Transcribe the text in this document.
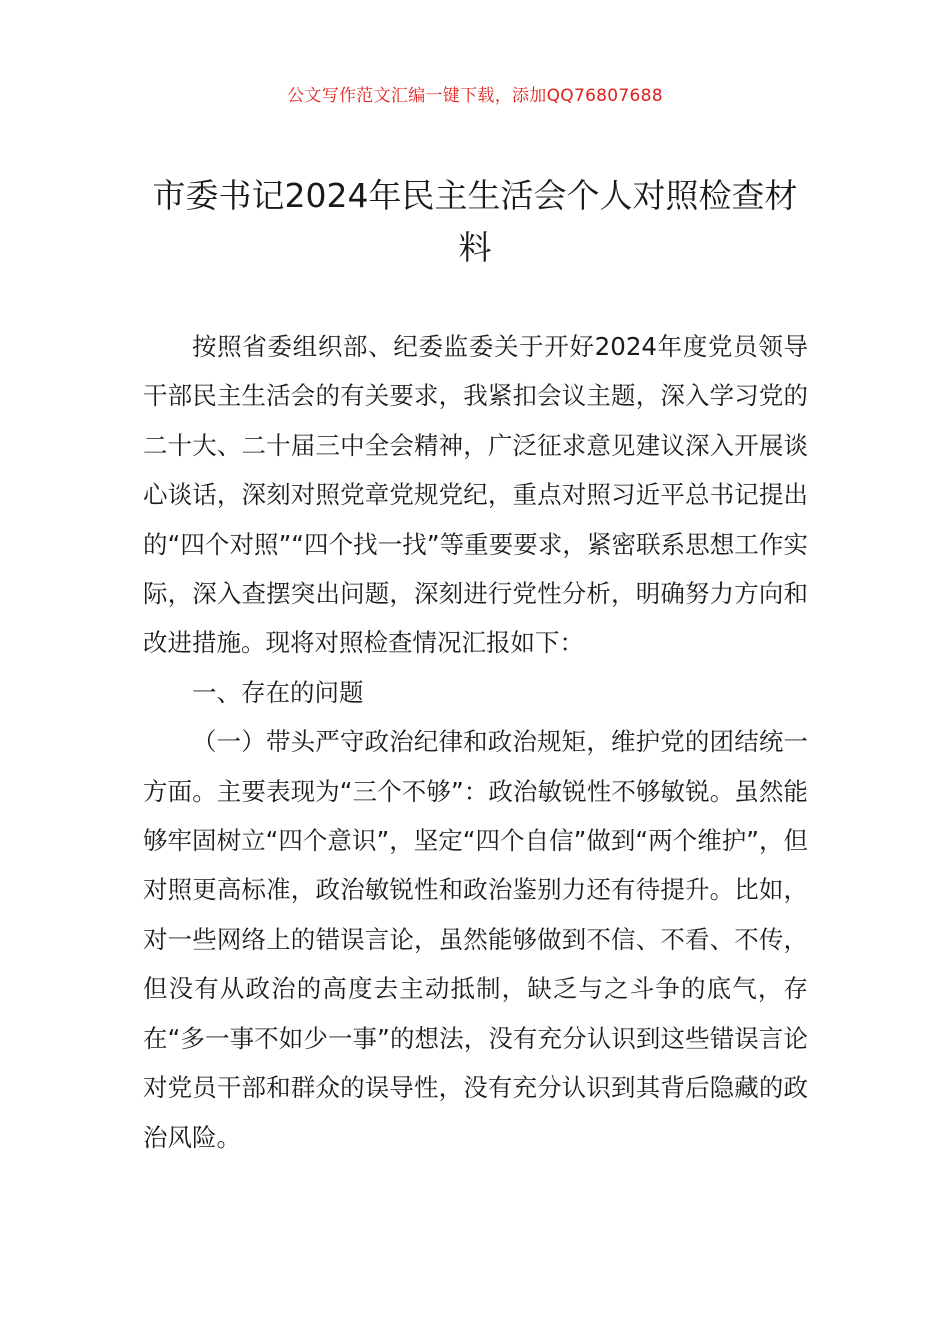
公文写作范文汇编一键下载，添加QQ76807688
市委书记2024年民主生活会个人对照检查材料

按照省委组织部、纪委监委关于开好2024年度党员领导干部民主生活会的有关要求，我紧扣会议主题，深入学习党的二十大、二十届三中全会精神，广泛征求意见建议深入开展谈心谈话，深刻对照党章党规党纪，重点对照习近平总书记提出的“四个对照”“四个找一找”等重要要求，紧密联系思想工作实际，深入查摆突出问题，深刻进行党性分析，明确努力方向和改进措施。现将对照检查情况汇报如下：

一、存在的问题

（一）带头严守政治纪律和政治规矩，维护党的团结统一方面。主要表现为“三个不够”：政治敏锐性不够敏锐。虽然能够牢固树立“四个意识”，坚定“四个自信”做到“两个维护”，但对照更高标准，政治敏锐性和政治鉴别力还有待提升。比如，对一些网络上的错误言论，虽然能够做到不信、不看、不传，但没有从政治的高度去主动抵制，缺乏与之斗争的底气，存在“多一事不如少一事”的想法，没有充分认识到这些错误言论对党员干部和群众的误导性，没有充分认识到其背后隐藏的政治风险。
